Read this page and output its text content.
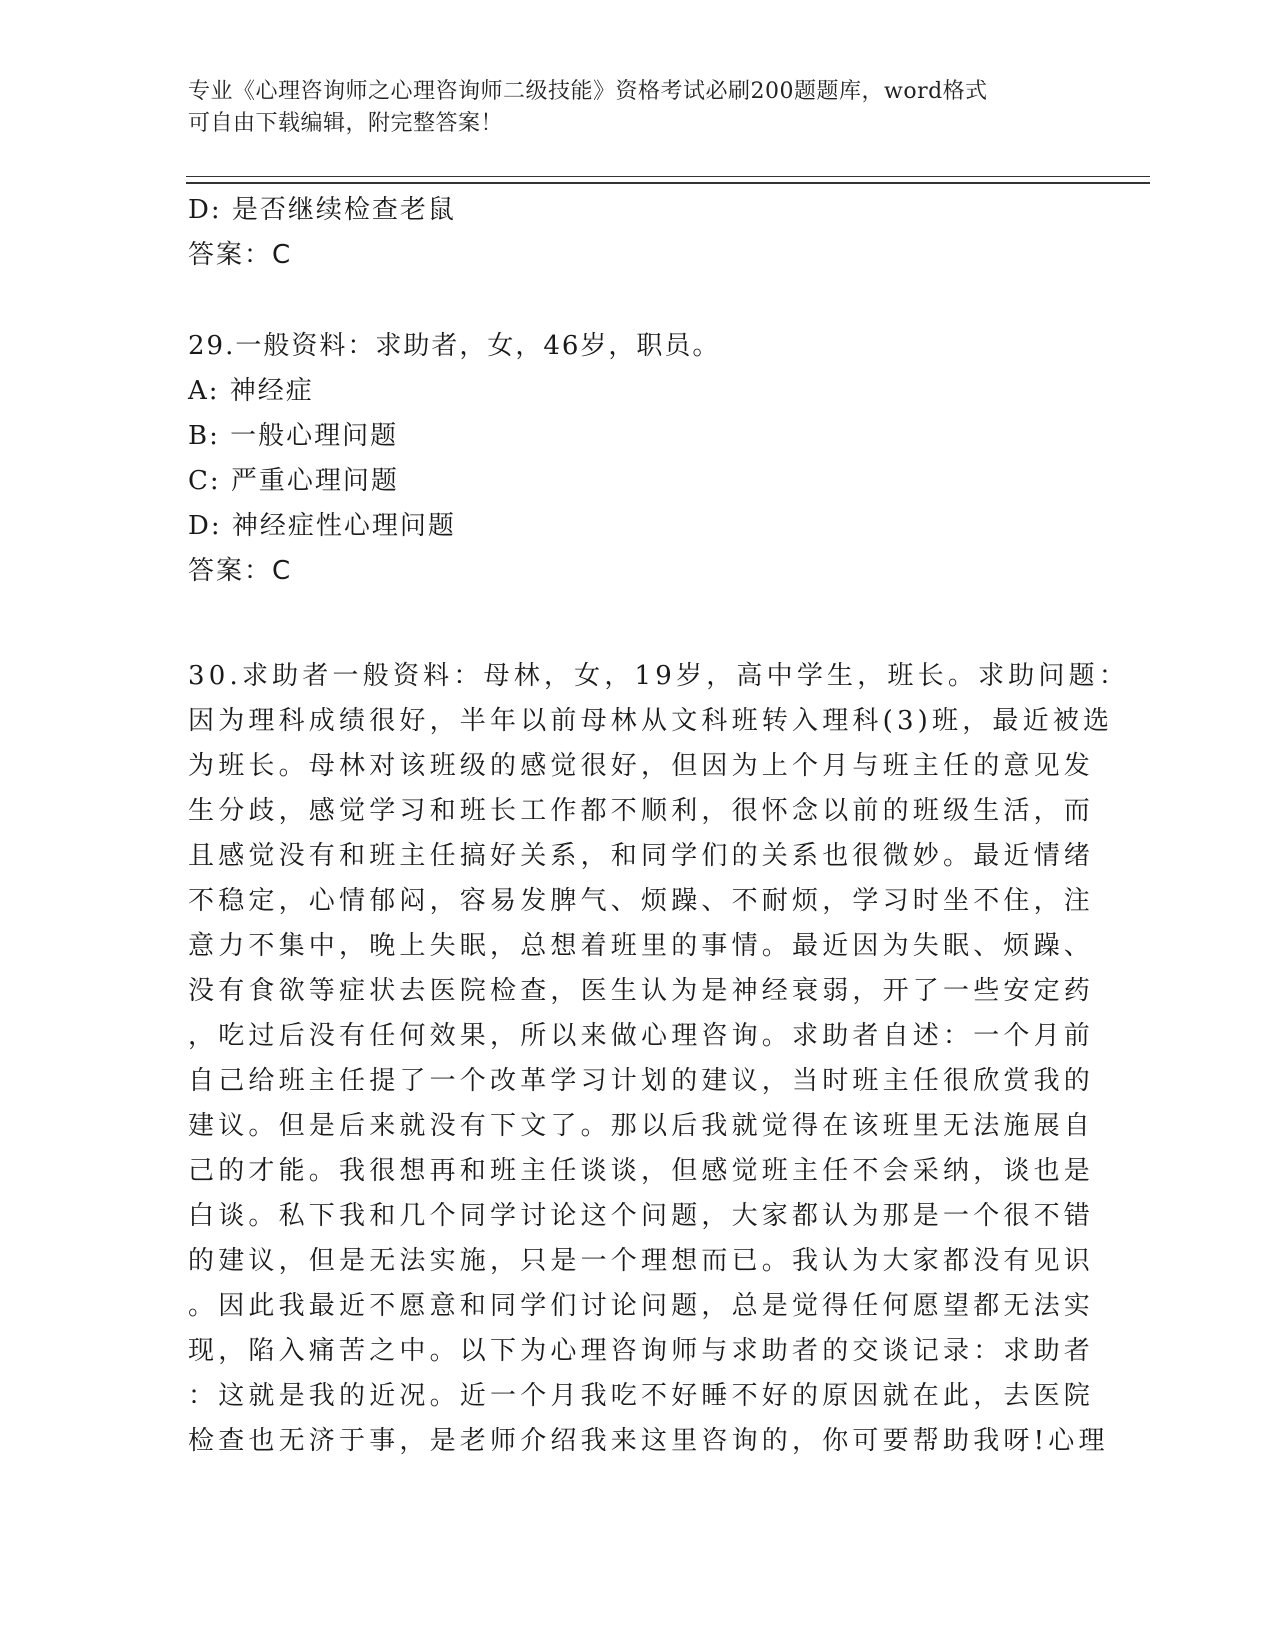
专业《心理咨询师之心理咨询师二级技能》资格考试必刷200题题库，word格式
可自由下载编辑，附完整答案！
D: 是否继续检查老鼠
答案：C
29.一般资料：求助者，女，46岁，职员。
A: 神经症
B: 一般心理问题
C: 严重心理问题
D: 神经症性心理问题
答案：C
30.求助者一般资料：母林，女，19岁，高中学生，班长。求助问题：
因为理科成绩很好，半年以前母林从文科班转入理科(3)班，最近被选
为班长。母林对该班级的感觉很好，但因为上个月与班主任的意见发
生分歧，感觉学习和班长工作都不顺利，很怀念以前的班级生活，而
且感觉没有和班主任搞好关系，和同学们的关系也很微妙。最近情绪
不稳定，心情郁闷，容易发脾气、烦躁、不耐烦，学习时坐不住，注
意力不集中，晚上失眠，总想着班里的事情。最近因为失眠、烦躁、
没有食欲等症状去医院检查，医生认为是神经衰弱，开了一些安定药
，吃过后没有任何效果，所以来做心理咨询。求助者自述：一个月前
自己给班主任提了一个改革学习计划的建议，当时班主任很欣赏我的
建议。但是后来就没有下文了。那以后我就觉得在该班里无法施展自
己的才能。我很想再和班主任谈谈，但感觉班主任不会采纳，谈也是
白谈。私下我和几个同学讨论这个问题，大家都认为那是一个很不错
的建议，但是无法实施，只是一个理想而已。我认为大家都没有见识
。因此我最近不愿意和同学们讨论问题，总是觉得任何愿望都无法实
现，陷入痛苦之中。以下为心理咨询师与求助者的交谈记录：求助者
：这就是我的近况。近一个月我吃不好睡不好的原因就在此，去医院
检查也无济于事，是老师介绍我来这里咨询的，你可要帮助我呀!心理
